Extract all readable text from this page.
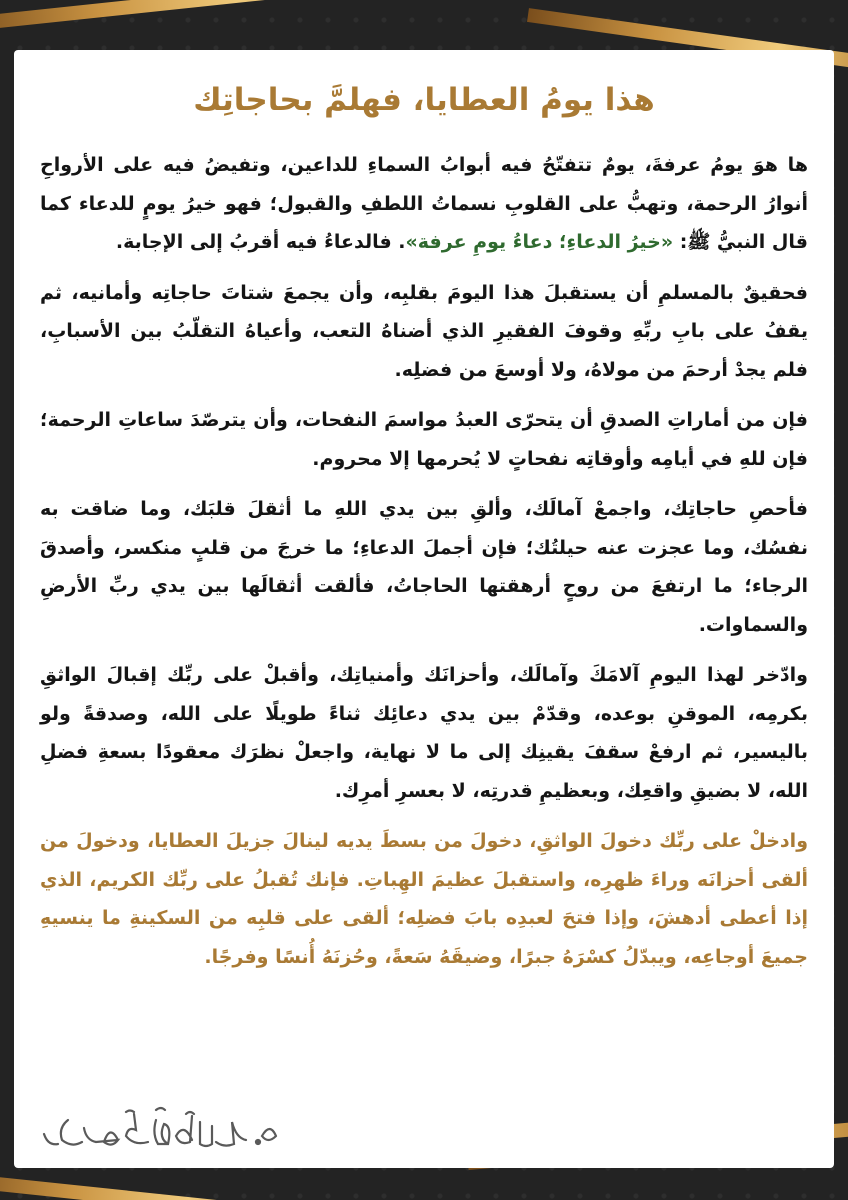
هذا يومُ العطايا، فهلمَّ بحاجاتِك

ها هوَ يومُ عرفةَ، يومٌ تتفتّحُ فيه أبوابُ السماءِ للداعين، وتفيضُ فيه على الأرواحِ أنوارُ الرحمة، وتهبُّ على القلوبِ نسماتُ اللطفِ والقبول؛ فهو خيرُ يومٍ للدعاء كما قال النبيُّ ﷺ: «خيرُ الدعاءِ؛ دعاءُ يومِ عرفة». فالدعاءُ فيه أقربُ إلى الإجابة.

فحقيقٌ بالمسلمِ أن يستقبلَ هذا اليومَ بقلبِه، وأن يجمعَ شتاتَ حاجاتِه وأمانيه، ثم يقفُ على بابِ ربِّهِ وقوفَ الفقيرِ الذي أضناهُ التعب، وأعياهُ التقلّبُ بين الأسبابِ، فلم يجدْ أرحمَ من مولاهُ، ولا أوسعَ من فضلِه.

فإن من أماراتِ الصدقِ أن يتحرّى العبدُ مواسمَ النفحات، وأن يترصّدَ ساعاتِ الرحمة؛ فإن للهِ في أيامِه وأوقاتِه نفحاتٍ لا يُحرمها إلا محروم.

فأحصِ حاجاتِك، واجمعْ آمالَك، وألقِ بين يدي اللهِ ما أثقلَ قلبَك، وما ضاقت به نفسُك، وما عجزت عنه حيلتُك؛ فإن أجملَ الدعاءِ؛ ما خرجَ من قلبٍ منكسر، وأصدقَ الرجاء؛ ما ارتفعَ من روحٍ أرهقتها الحاجاتُ، فألقت أثقالَها بين يدي ربِّ الأرضِ والسماوات.

وادّخر لهذا اليومِ آلامَكَ وآمالَك، وأحزانَك وأمنياتِك، وأقبلْ على ربِّك إقبالَ الواثقِ بكرمِه، الموقنِ بوعده، وقدّمْ بين يدي دعائِك ثناءً طويلًا على الله، وصدقةً ولو باليسير، ثم ارفعْ سقفَ يقينِك إلى ما لا نهاية، واجعلْ نظرَك معقودًا بسعةِ فضلِ الله، لا بضيقِ واقعِك، وبعظيمِ قدرتِه، لا بعسرِ أمرِك.

وادخلْ على ربِّك دخولَ الواثقِ، دخولَ من بسطَ يديه لينالَ جزيلَ العطايا، ودخولَ من ألقى أحزانَه وراءَ ظهرِه، واستقبلَ عظيمَ الهِباتِ. فإنك تُقبلُ على ربِّك الكريم، الذي إذا أعطى أدهشَ، وإذا فتحَ لعبدِه بابَ فضلِه؛ ألقى على قلبِه من السكينةِ ما ينسيهِ جميعَ أوجاعِه، ويبدّلُ كسْرَهُ جبرًا، وضيقَهُ سَعةً، وحُزنَهُ أُنسًا وفرجًا.
